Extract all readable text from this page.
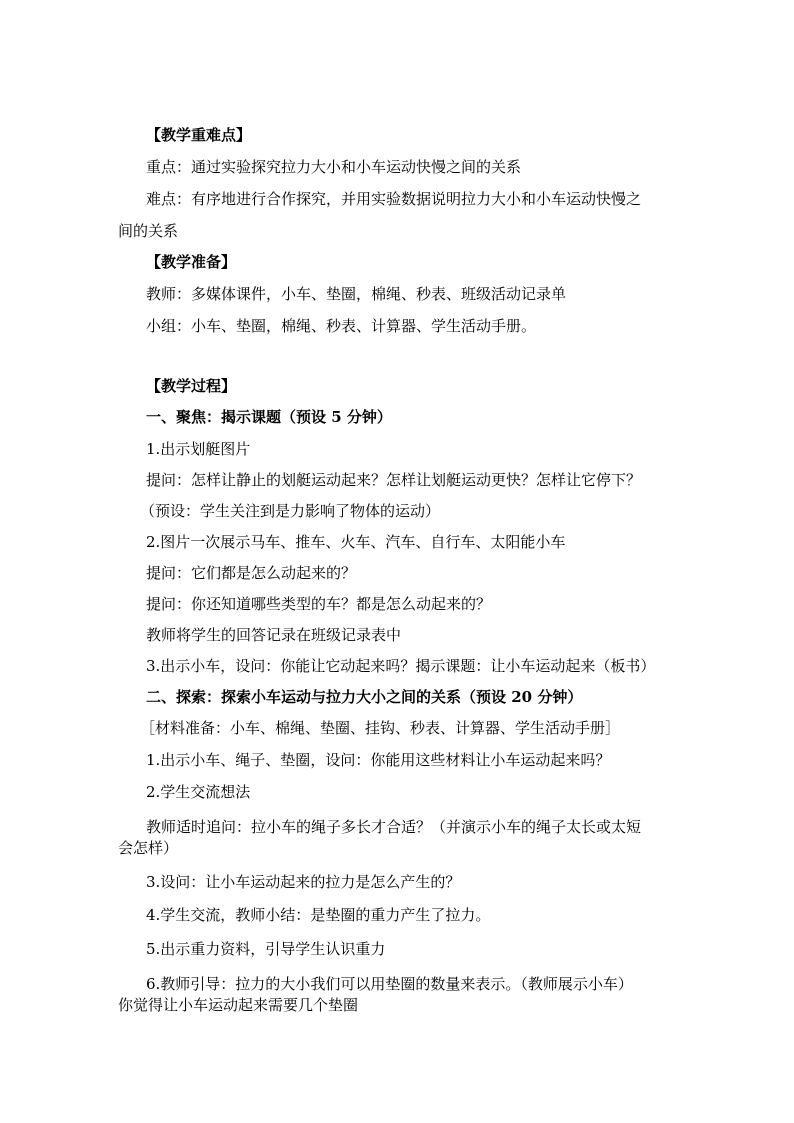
【教学重难点】
重点：通过实验探究拉力大小和小车运动快慢之间的关系
难点：有序地进行合作探究，并用实验数据说明拉力大小和小车运动快慢之
间的关系
【教学准备】
教师：多媒体课件，小车、垫圈，棉绳、秒表、班级活动记录单
小组：小车、垫圈，棉绳、秒表、计算器、学生活动手册。
【教学过程】
一、聚焦：揭示课题（预设 5 分钟）
1.出示划艇图片
提问：怎样让静止的划艇运动起来？怎样让划艇运动更快？怎样让它停下？
（预设：学生关注到是力影响了物体的运动）
2.图片一次展示马车、推车、火车、汽车、自行车、太阳能小车
提问：它们都是怎么动起来的？
提问：你还知道哪些类型的车？都是怎么动起来的？
教师将学生的回答记录在班级记录表中
3.出示小车，设问：你能让它动起来吗？揭示课题：让小车运动起来（板书）
二、探索：探索小车运动与拉力大小之间的关系（预设 20 分钟）
［材料准备：小车、棉绳、垫圈、挂钩、秒表、计算器、学生活动手册］
1.出示小车、绳子、垫圈，设问：你能用这些材料让小车运动起来吗？
2.学生交流想法
教师适时追问：拉小车的绳子多长才合适？（并演示小车的绳子太长或太短
会怎样）
3.设问：让小车运动起来的拉力是怎么产生的？
4.学生交流，教师小结：是垫圈的重力产生了拉力。
5.出示重力资料，引导学生认识重力
6.教师引导：拉力的大小我们可以用垫圈的数量来表示。（教师展示小车）
你觉得让小车运动起来需要几个垫圈
